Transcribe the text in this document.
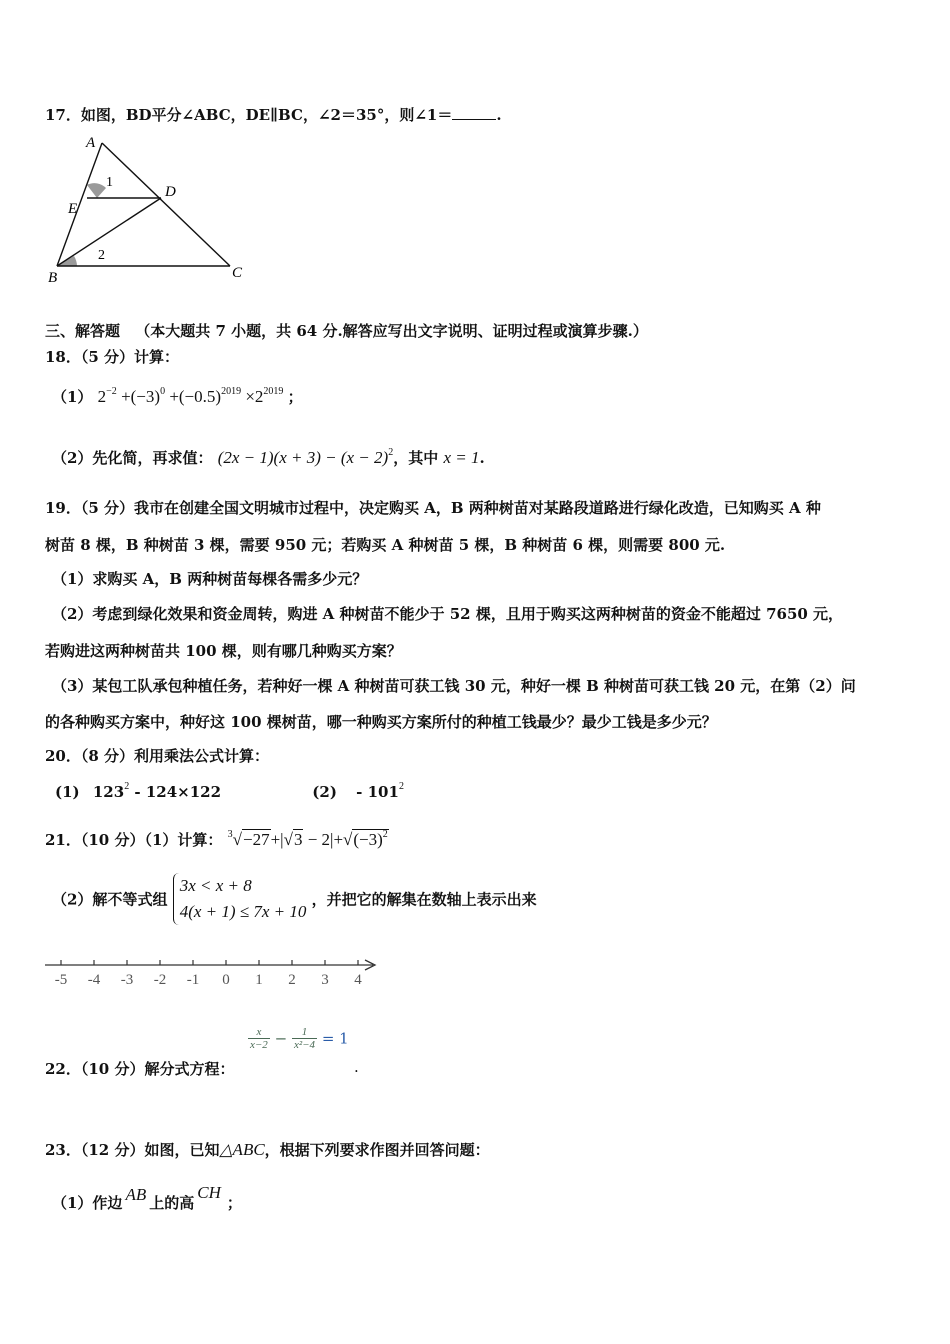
17．如图，BD平分∠ABC，DE∥BC，∠2＝35°，则∠1＝	.
A
D
E
B	C
1
2
三、解答题 （本大题共 7 小题，共 64 分.解答应写出文字说明、证明过程或演算步骤.）
18．（5 分）计算：
（1） $2^{-2} +(-3)^0 +(-0.5)^{2019} \times 2^{2019}$ ；
（2）先化简，再求值： $(2x - 1)(x + 3) - (x - 2)^2$，其中 x = 1.
19．（5 分）我市在创建全国文明城市过程中，决定购买 A，B 两种树苗对某路段道路进行绿化改造，已知购买 A 种
树苗 8 棵，B 种树苗 3 棵，需要 950 元；若购买 A 种树苗 5 棵，B 种树苗 6 棵，则需要 800 元.
（1）求购买 A，B 两种树苗每棵各需多少元？
（2）考虑到绿化效果和资金周转，购进 A 种树苗不能少于 52 棵，且用于购买这两种树苗的资金不能超过 7650 元，
若购进这两种树苗共 100 棵，则有哪几种购买方案？
（3）某包工队承包种植任务，若种好一棵 A 种树苗可获工钱 30 元，种好一棵 B 种树苗可获工钱 20 元，在第（2）问
的各种购买方案中，种好这 100 棵树苗，哪一种购买方案所付的种植工钱最少？最少工钱是多少元？
20．（8 分）利用乘法公式计算：
(1) $123^2 - 124\times 122$	$(2) - 101^2$
21．（10 分）（1）计算： $^3√-27+|√3 - 2|+√(-3)^2$
（2）解不等式组
3x < x + 8
4(x + 1) ≤ 7x + 10
，并把它的解集在数轴上表示出来
-5 -4 -3 -2 -1 0 1 2 3 4
$\frac{x}{x-2} - \frac{1}{\text{x²−4}} = 1$
22．（10 分）解分式方程：	.
23．（12 分）如图，已知△ABC，根据下列要求作图并回答问题：
（1）作边 AB 上的高CH；
